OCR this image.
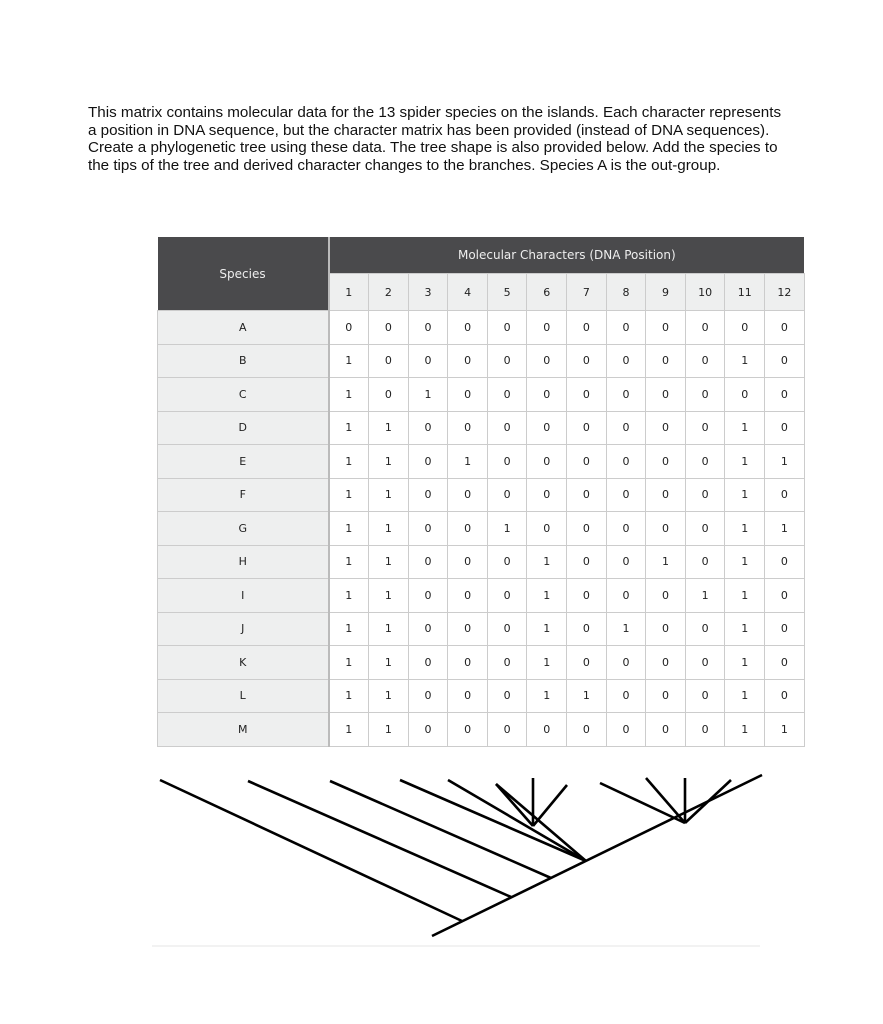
This matrix contains molecular data for the 13 spider species on the islands. Each character represents a position in DNA sequence, but the character matrix has been provided (instead of DNA sequences). Create a phylogenetic tree using these data. The tree shape is also provided below. Add the species to the tips of the tree and derived character changes to the branches. Species A is the out-group.

Species	Molecular Characters (DNA Position)											
	1	2	3	4	5	6	7	8	9	10	11	12
A	0	0	0	0	0	0	0	0	0	0	0	0
B	1	0	0	0	0	0	0	0	0	0	1	0
C	1	0	1	0	0	0	0	0	0	0	0	0
D	1	1	0	0	0	0	0	0	0	0	1	0
E	1	1	0	1	0	0	0	0	0	0	1	1
F	1	1	0	0	0	0	0	0	0	0	1	0
G	1	1	0	0	1	0	0	0	0	0	1	1
H	1	1	0	0	0	1	0	0	1	0	1	0
I	1	1	0	0	0	1	0	0	0	1	1	0
J	1	1	0	0	0	1	0	1	0	0	1	0
K	1	1	0	0	0	1	0	0	0	0	1	0
L	1	1	0	0	0	1	1	0	0	0	1	0
M	1	1	0	0	0	0	0	0	0	0	1	1
